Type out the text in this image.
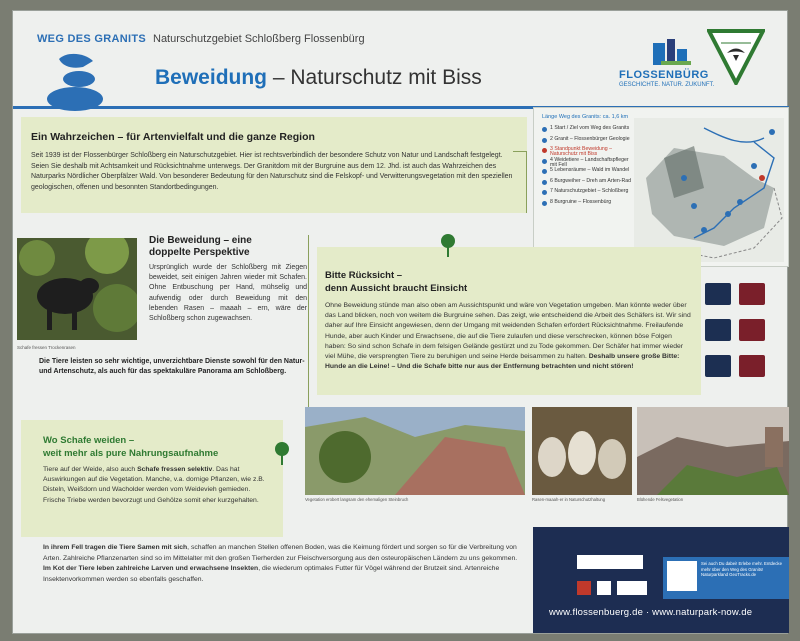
WEG DES GRANITS Naturschutzgebiet Schloßberg Flossenbürg
Beweidung – Naturschutz mit Biss	FLOSSENBÜRG
GESCHICHTE. NATUR. ZUKUNFT.
Ein Wahrzeichen – für Artenvielfalt und die ganze Region

Seit 1939 ist der Flossenbürger Schloßberg ein Naturschutzgebiet. Hier ist rechtsverbindlich der besondere Schutz von Natur und Landschaft festgelegt. Seien Sie deshalb mit Achtsamkeit und Rücksichtnahme unterwegs. Der Granitdom mit der Burgruine aus dem 12. Jhd. ist auch das Wahrzeichen des Naturparks Nördlicher Oberpfälzer Wald. Von besonderer Bedeutung für den Naturschutz sind die Felskopf- und Verwitterungsvegetation mit den speziellen geologischen, offenen und besonnten Standortbedingungen.

Länge Weg des Granits: ca. 1,6 km
1 Start / Ziel vom Weg des Granits
2 Granit – Flossenbürger Geologie
3 Standpunkt Beweidung – Naturschutz mit Biss
4 Weidetiere – Landschaftspfleger mit Fell
5 Lebensräume – Wald im Wandel
6 Burgweiher – Dreh am Arten-Rad
7 Naturschutzgebiet – Schloßberg
8 Burgruine – Flossenbürg
Schafe fressen Trockenrasen
Die Beweidung – eine
doppelte Perspektive
Ursprünglich wurde der Schloßberg mit Ziegen beweidet, seit einigen Jahren wieder mit Schafen. Ohne Entbuschung per Hand, mühselig und aufwendig oder durch Beweidung mit den lebenden Rasen – maaah – ern, wäre der Schloßberg schon zugewachsen.
Die Tiere leisten so sehr wichtige, unverzichtbare Dienste sowohl für den Natur- und Artenschutz, als auch für das spektakuläre Panorama am Schloßberg.
Bitte Rücksicht –
denn Aussicht braucht Einsicht

Ohne Beweidung stünde man also oben am Aussichtspunkt und wäre von Vegetation umgeben. Man könnte weder über das Land blicken, noch von weitem die Burgruine sehen. Das zeigt, wie entscheidend die Arbeit des Schäfers ist. Wir sind daher auf Ihre Einsicht angewiesen, denn der Umgang mit weidenden Schafen erfordert Rücksichtnahme. Freilaufende Hunde, aber auch Kinder und Erwachsene, die auf die Tiere zulaufen und diese verschrecken, können böse Folgen haben: So sind schon Schafe in dem felsigen Gelände gestürzt und zu Tode gekommen. Der Schäfer hat immer wieder viel Mühe, die versprengten Tiere zu beruhigen und seine Herde beisammen zu halten. Deshalb unsere große Bitte: Hunde an die Leine! – Und die Schafe bitte nur aus der Entfernung betrachten und nicht stören!

Wo Schafe weiden –
weit mehr als pure Nahrungsaufnahme
Tiere auf der Weide, also auch Schafe fressen selektiv. Das hat Auswirkungen auf die Vegetation. Manche, v.a. dornige Pflanzen, wie z.B. Disteln, Weißdorn und Wacholder werden vom Weidevieh gemieden. Frische Triebe werden bevorzugt und Gehölze somit eher kurzgehalten.	Vegetation erobert langsam den ehemaligen Steinbruch	Rasen-maaah-er in Naturschutzhaltung	Blühende Felsvegetation
In ihrem Fell tragen die Tiere Samen mit sich, schaffen an manchen Stellen offenen Boden, was die Keimung fördert und sorgen so für die Verbreitung von Arten. Zahlreiche Pflanzenarten sind so im Mittelalter mit den großen Tierherden zur Fleischversorgung aus den osteuropäischen Ländern zu uns gekommen.
Im Kot der Tiere leben zahlreiche Larven und erwachsene Insekten, die wiederum optimales Futter für Vögel während der Brutzeit sind. Artenreiche Insektenvorkommen werden so ebenfalls geschaffen.
Sei auch Du dabei! Erlebe mehr. Entdecke mehr über den Weg des Granits! Naturparkland GeoTracks.de
www.flossenbuerg.de · www.naturpark-now.de
